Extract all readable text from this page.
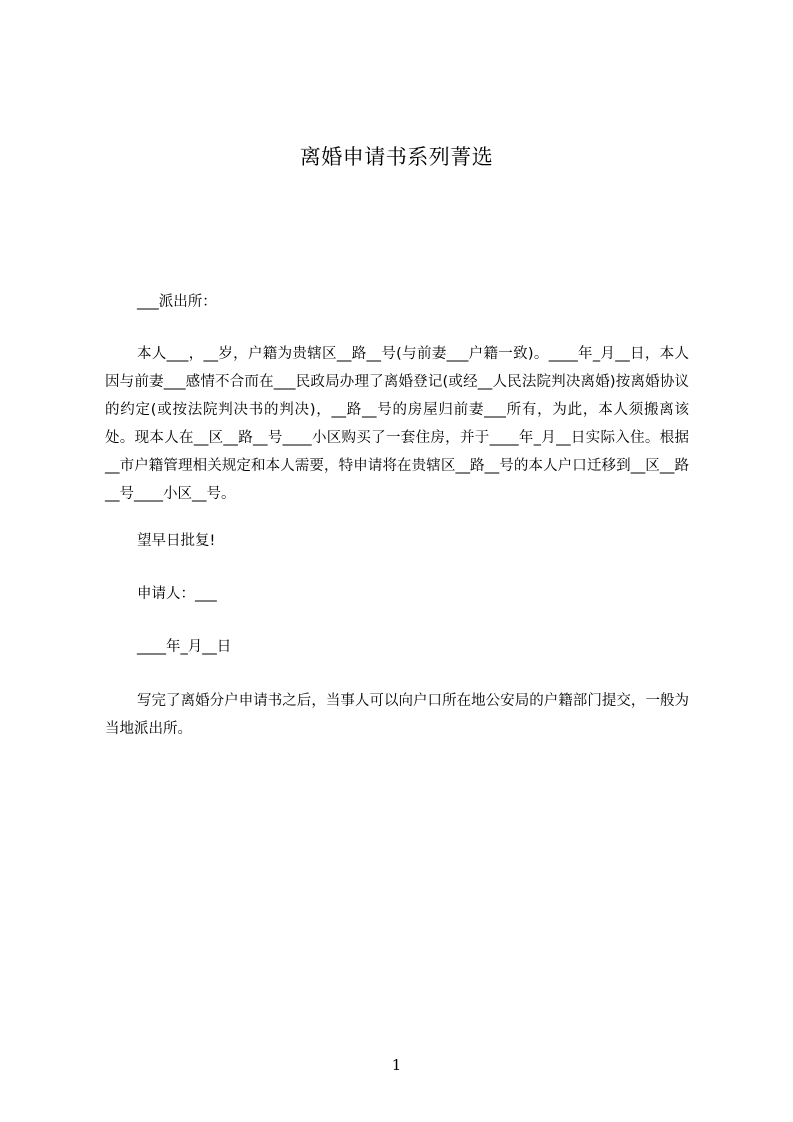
离婚申请书系列菁选
___派出所：
本人___，__岁，户籍为贵辖区__路__号(与前妻___户籍一致)。____年_月__日，本人因与前妻___感情不合而在___民政局办理了离婚登记(或经__人民法院判决离婚)按离婚协议的约定(或按法院判决书的判决)，__路__号的房屋归前妻___所有，为此，本人须搬离该处。现本人在__区__路__号____小区购买了一套住房，并于____年_月__日实际入住。根据__市户籍管理相关规定和本人需要，特申请将在贵辖区__路__号的本人户口迁移到__区__路__号____小区__号。
望早日批复!
申请人：___
____年_月__日
写完了离婚分户申请书之后，当事人可以向户口所在地公安局的户籍部门提交，一般为当地派出所。
1
